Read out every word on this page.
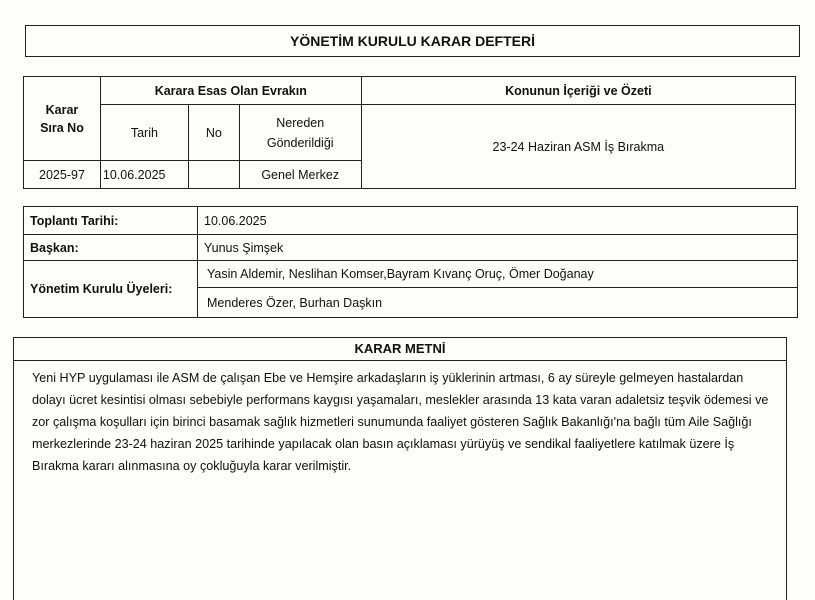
YÖNETİM KURULU KARAR DEFTERİ
Karar
Sıra No	Karara Esas Olan Evrakın			Konunun İçeriği ve Özeti
	Tarih	No	Nereden
Gönderildiği	23-24 Haziran ASM İş Bırakma
2025-97	10.06.2025		Genel Merkez	
Toplantı Tarihi:	10.06.2025
Başkan:	Yunus Şimşek
Yönetim Kurulu Üyeleri:	Yasin Aldemir, Neslihan Komser,Bayram Kıvanç Oruç, Ömer Doğanay
	Menderes Özer, Burhan Daşkın
KARAR METNİ

Yeni HYP uygulaması ile ASM de çalışan Ebe ve Hemşire arkadaşların iş yüklerinin artması, 6 ay süreyle gelmeyen hastalardan dolayı ücret kesintisi olması sebebiyle performans kaygısı yaşamaları, meslekler arasında 13 kata varan adaletsiz teşvik ödemesi ve zor çalışma koşulları için birinci basamak sağlık hizmetleri sunumunda faaliyet gösteren Sağlık Bakanlığı'na bağlı tüm Aile Sağlığı merkezlerinde 23-24 haziran 2025 tarihinde yapılacak olan basın açıklaması yürüyüş ve sendikal faaliyetlere katılmak üzere İş Bırakma kararı alınmasına oy çokluğuyla karar verilmiştir.
